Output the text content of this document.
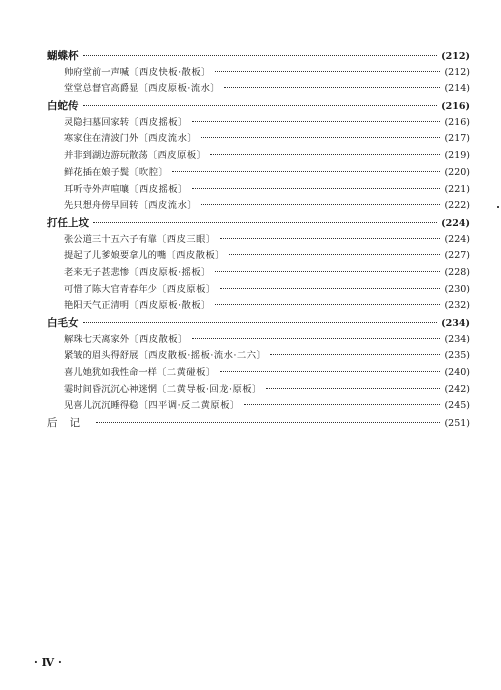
蝴蝶杯	(212)
帅府堂前一声喊〔西皮快板·散板〕	(212)
堂堂总督官高爵显〔西皮原板·流水〕	(214)
白蛇传	(216)
灵隐扫墓回家转〔西皮摇板〕	(216)
寒家住在清波门外〔西皮流水〕	(217)
并非到湖边游玩散荡〔西皮原板〕	(219)
鲜花插在娘子鬓〔吹腔〕	(220)
耳听寺外声喧嚷〔西皮摇板〕	(221)
先只想舟傍早回转〔西皮流水〕	(222)
打任上坟	(224)
张公道三十五六子有靠〔西皮三眼〕	(224)
提起了儿爹娘要拿儿的嘴〔西皮散板〕	(227)
老来无子甚悲惨〔西皮原板·摇板〕	(228)
可惜了陈大官青春年少〔西皮原板〕	(230)
艳阳天气正清明〔西皮原板·散板〕	(232)
白毛女	(234)
解珠七天离家外〔西皮散板〕	(234)
紧皱的眉头得舒展〔西皮散板·摇板·流水·二六〕	(235)
喜儿她犹如我性命一样〔二黄碰板〕	(240)
霎时间昏沉沉心神迷惘〔二黄导板·回龙·原板〕	(242)
见喜儿沉沉睡得稳〔四平调·反二黄原板〕	(245)
后记	(251)
· Ⅳ ·
